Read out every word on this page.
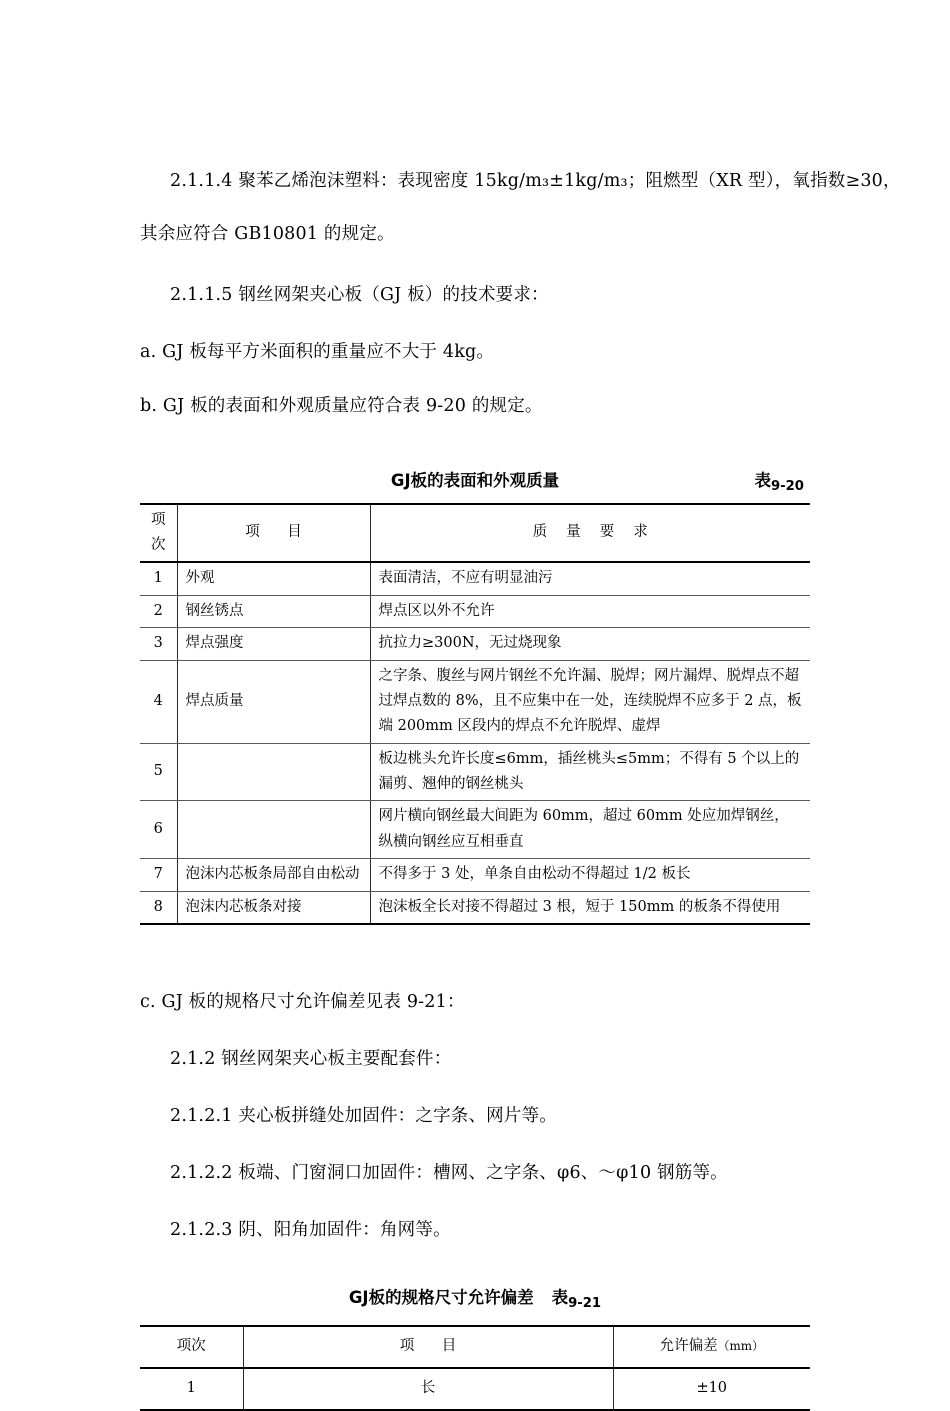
2.1.1.4 聚苯乙烯泡沫塑料：表现密度 15kg/m₃±1kg/m₃；阻燃型（XR 型），氧指数≥30，

其余应符合 GB10801 的规定。

2.1.1.5 钢丝网架夹心板（GJ 板）的技术要求：

a. GJ 板每平方米面积的重量应不大于 4kg。

b. GJ 板的表面和外观质量应符合表 9-20 的规定。

GJ板的表面和外观质量	表$_{9-20}$
项次	项　目	质 量 要 求
1	外观	表面清洁，不应有明显油污
2	钢丝锈点	焊点区以外不允许
3	焊点强度	抗拉力≥300N，无过烧现象
4	焊点质量	之字条、腹丝与网片钢丝不允许漏、脱焊；网片漏焊、脱焊点不超过焊点数的 8%，且不应集中在一处，连续脱焊不应多于 2 点，板端 200mm 区段内的焊点不允许脱焊、虚焊
5		板边桃头允许长度≤6mm，插丝桃头≤5mm；不得有 5 个以上的漏剪、翘伸的钢丝桃头
6		网片横向钢丝最大间距为 60mm，超过 60mm 处应加焊钢丝，纵横向钢丝应互相垂直
7	泡沫内芯板条局部自由松动	不得多于 3 处，单条自由松动不得超过 1/2 板长
8	泡沫内芯板条对接	泡沫板全长对接不得超过 3 根，短于 150mm 的板条不得使用

c. GJ 板的规格尺寸允许偏差见表 9-21：

2.1.2 钢丝网架夹心板主要配套件：

2.1.2.1 夹心板拼缝处加固件：之字条、网片等。

2.1.2.2 板端、门窗洞口加固件：槽网、之字条、φ6、～φ10 钢筋等。

2.1.2.3 阴、阳角加固件：角网等。

GJ板的规格尺寸允许偏差 表$_{9-21}$
项次	项　目	允许偏差（mm）
1	长	±10
